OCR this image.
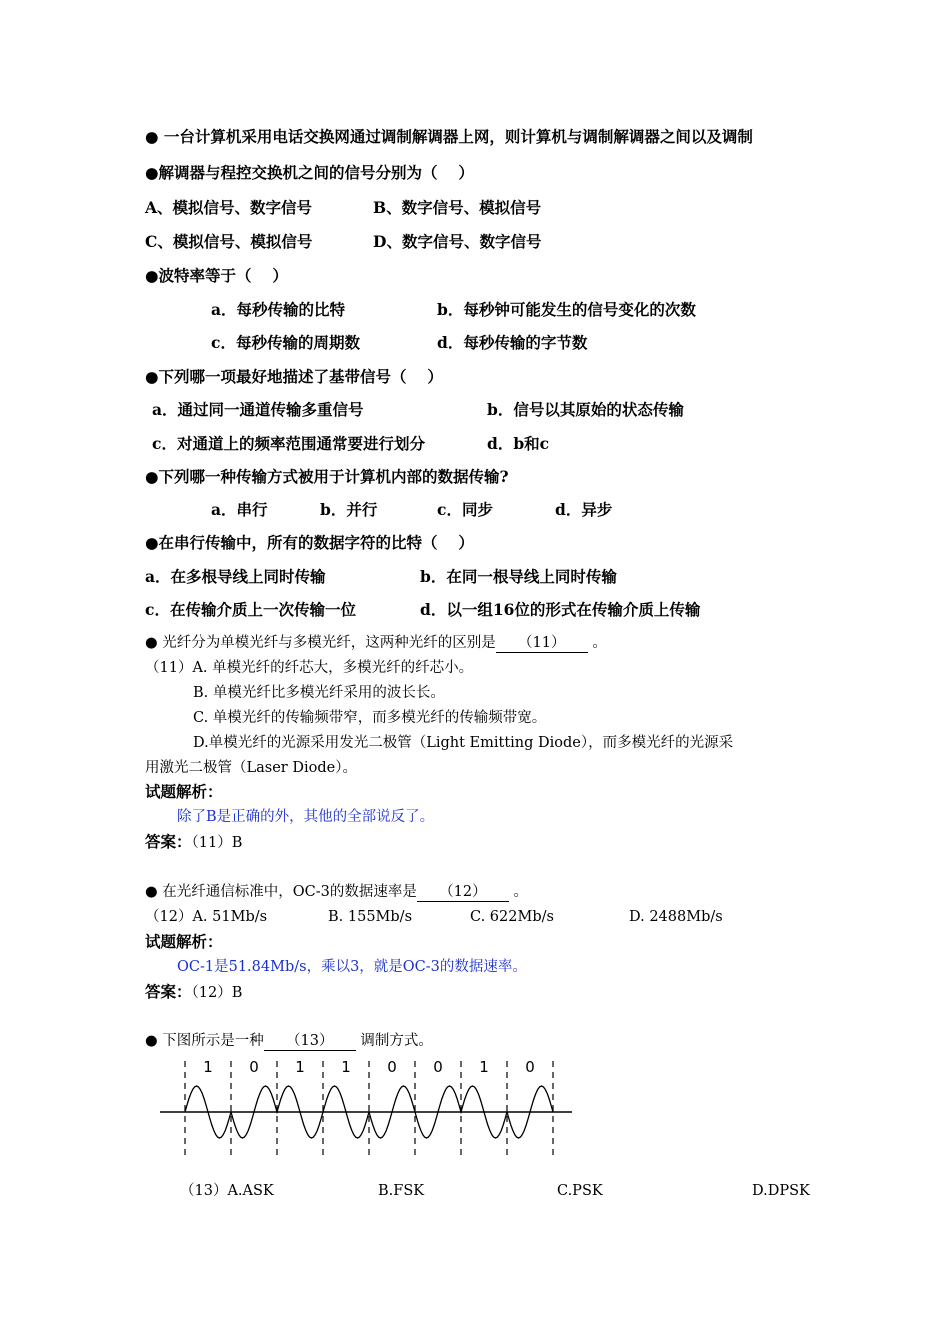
● 一台计算机采用电话交换网通过调制解调器上网，则计算机与调制解调器之间以及调制
●解调器与程控交换机之间的信号分别为（　 ）
A、模拟信号、数字信号	B、数字信号、模拟信号
C、模拟信号、模拟信号	D、数字信号、数字信号
●波特率等于（　 ）
a．每秒传输的比特	b．每秒钟可能发生的信号变化的次数
c．每秒传输的周期数	d．每秒传输的字节数
●下列哪一项最好地描述了基带信号（　 ）
a．通过同一通道传输多重信号	b．信号以其原始的状态传输
c．对通道上的频率范围通常要进行划分	d．b和c
●下列哪一种传输方式被用于计算机内部的数据传输?
a．串行	b．并行	c．同步	d．异步
●在串行传输中，所有的数据字符的比特（　 ）
a．在多根导线上同时传输	b．在同一根导线上同时传输
c．在传输介质上一次传输一位	d．以一组16位的形式在传输介质上传输
● 光纤分为单模光纤与多模光纤，这两种光纤的区别是 （11） 。
（11）A. 单模光纤的纤芯大，多模光纤的纤芯小。
B. 单模光纤比多模光纤采用的波长长。
C. 单模光纤的传输频带窄，而多模光纤的传输频带宽。
D.单模光纤的光源采用发光二极管（Light Emitting Diode），而多模光纤的光源采
用激光二极管（Laser Diode）。
试题解析：
除了B是正确的外，其他的全部说反了。
答案：（11）B
● 在光纤通信标准中，OC-3的数据速率是 （12） 。
（12）A. 51Mb/s	B. 155Mb/s	C. 622Mb/s	D. 2488Mb/s
试题解析：
OC-1是51.84Mb/s，乘以3，就是OC-3的数据速率。
答案：（12）B
● 下图所示是一种 （13） 调制方式。
1 0 1 1 0 0 1 0
（13）A.ASK	B.FSK	C.PSK	D.DPSK
